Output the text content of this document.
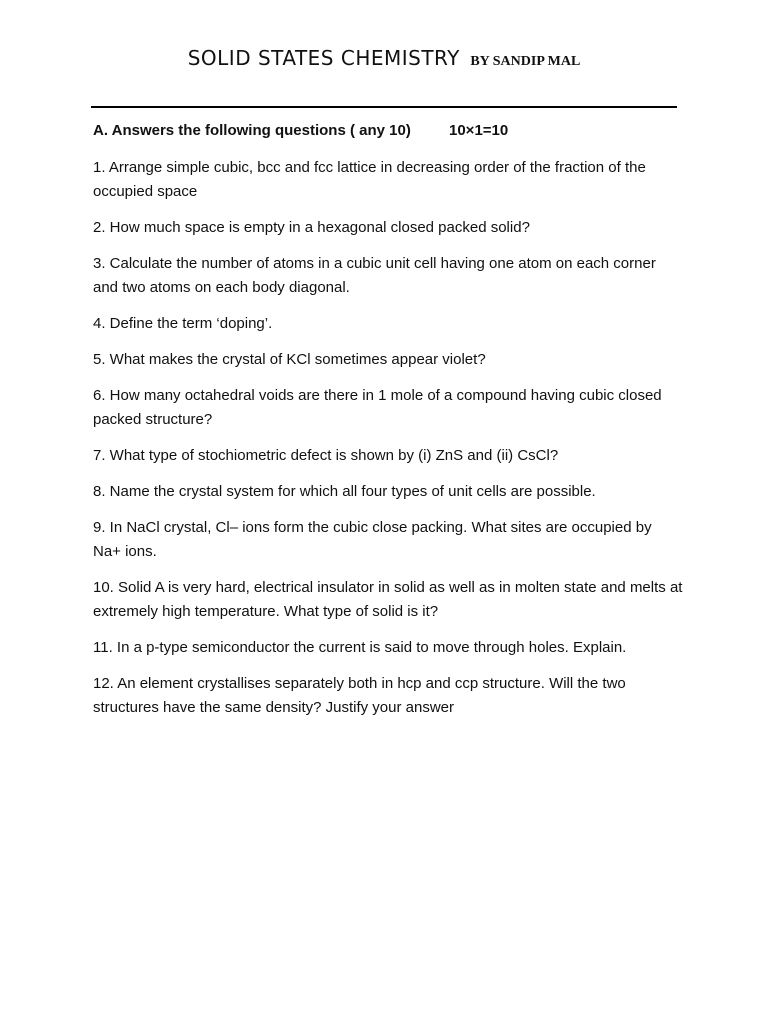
SOLID STATES CHEMISTRY BY SANDIP MAL
A. Answers the following questions ( any 10)	10×1=10

1. Arrange simple cubic, bcc and fcc lattice in decreasing order of the fraction of the occupied space

2. How much space is empty in a hexagonal closed packed solid?

3. Calculate the number of atoms in a cubic unit cell having one atom on each corner and two atoms on each body diagonal.

4. Define the term ‘doping’.

5. What makes the crystal of KCl sometimes appear violet?

6. How many octahedral voids are there in 1 mole of a compound having cubic closed packed structure?

7. What type of stochiometric defect is shown by (i) ZnS and (ii) CsCl?

8. Name the crystal system for which all four types of unit cells are possible.

9. In NaCl crystal, Cl– ions form the cubic close packing. What sites are occupied by Na+ ions.

10. Solid A is very hard, electrical insulator in solid as well as in molten state and melts at extremely high temperature. What type of solid is it?

11. In a p-type semiconductor the current is said to move through holes. Explain.

12. An element crystallises separately both in hcp and ccp structure. Will the two structures have the same density? Justify your answer
